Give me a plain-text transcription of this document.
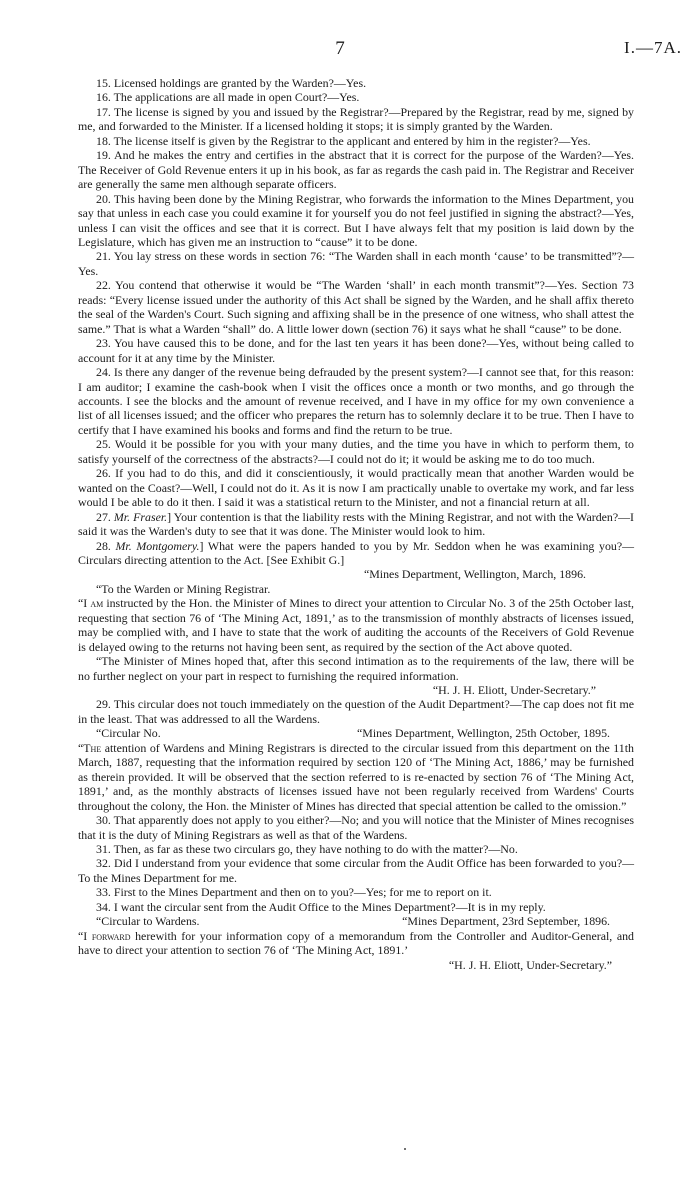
7	I.—7A.

15. Licensed holdings are granted by the Warden?—Yes.

16. The applications are all made in open Court?—Yes.

17. The license is signed by you and issued by the Registrar?—Prepared by the Registrar, read by me, signed by me, and forwarded to the Minister. If a licensed holding it stops; it is simply granted by the Warden.

18. The license itself is given by the Registrar to the applicant and entered by him in the register?—Yes.

19. And he makes the entry and certifies in the abstract that it is correct for the purpose of the Warden?—Yes. The Receiver of Gold Revenue enters it up in his book, as far as regards the cash paid in. The Registrar and Receiver are generally the same men although separate officers.

20. This having been done by the Mining Registrar, who forwards the information to the Mines Department, you say that unless in each case you could examine it for yourself you do not feel justified in signing the abstract?—Yes, unless I can visit the offices and see that it is correct. But I have always felt that my position is laid down by the Legislature, which has given me an instruction to “cause” it to be done.

21. You lay stress on these words in section 76: “The Warden shall in each month ‘cause’ to be transmitted”?—Yes.

22. You contend that otherwise it would be “The Warden ‘shall’ in each month transmit”?—Yes. Section 73 reads: “Every license issued under the authority of this Act shall be signed by the Warden, and he shall affix thereto the seal of the Warden's Court. Such signing and affixing shall be in the presence of one witness, who shall attest the same.” That is what a Warden “shall” do. A little lower down (section 76) it says what he shall “cause” to be done.

23. You have caused this to be done, and for the last ten years it has been done?—Yes, without being called to account for it at any time by the Minister.

24. Is there any danger of the revenue being defrauded by the present system?—I cannot see that, for this reason: I am auditor; I examine the cash-book when I visit the offices once a month or two months, and go through the accounts. I see the blocks and the amount of revenue received, and I have in my office for my own convenience a list of all licenses issued; and the officer who prepares the return has to solemnly declare it to be true. Then I have to certify that I have examined his books and forms and find the return to be true.

25. Would it be possible for you with your many duties, and the time you have in which to perform them, to satisfy yourself of the correctness of the abstracts?—I could not do it; it would be asking me to do too much.

26. If you had to do this, and did it conscientiously, it would practically mean that another Warden would be wanted on the Coast?—Well, I could not do it. As it is now I am practically unable to overtake my work, and far less would I be able to do it then. I said it was a statistical return to the Minister, and not a financial return at all.

27. Mr. Fraser.] Your contention is that the liability rests with the Mining Registrar, and not with the Warden?—I said it was the Warden's duty to see that it was done. The Minister would look to him.

28. Mr. Montgomery.] What were the papers handed to you by Mr. Seddon when he was examining you?—Circulars directing attention to the Act. [See Exhibit G.]

“Mines Department, Wellington, March, 1896.

“To the Warden or Mining Registrar.

“I am instructed by the Hon. the Minister of Mines to direct your attention to Circular No. 3 of the 25th October last, requesting that section 76 of ‘The Mining Act, 1891,’ as to the transmission of monthly abstracts of licenses issued, may be complied with, and I have to state that the work of auditing the accounts of the Receivers of Gold Revenue is delayed owing to the returns not having been sent, as required by the section of the Act above quoted.

“The Minister of Mines hoped that, after this second intimation as to the requirements of the law, there will be no further neglect on your part in respect to furnishing the required information.

“H. J. H. Eliott, Under-Secretary.”

29. This circular does not touch immediately on the question of the Audit Department?—The cap does not fit me in the least. That was addressed to all the Wardens.

“Circular No.	“Mines Department, Wellington, 25th October, 1895.

“The attention of Wardens and Mining Registrars is directed to the circular issued from this department on the 11th March, 1887, requesting that the information required by section 120 of ‘The Mining Act, 1886,’ may be furnished as therein provided. It will be observed that the section referred to is re-enacted by section 76 of ‘The Mining Act, 1891,’ and, as the monthly abstracts of licenses issued have not been regularly received from Wardens' Courts throughout the colony, the Hon. the Minister of Mines has directed that special attention be called to the omission.”

30. That apparently does not apply to you either?—No; and you will notice that the Minister of Mines recognises that it is the duty of Mining Registrars as well as that of the Wardens.

31. Then, as far as these two circulars go, they have nothing to do with the matter?—No.

32. Did I understand from your evidence that some circular from the Audit Office has been forwarded to you?—To the Mines Department for me.

33. First to the Mines Department and then on to you?—Yes; for me to report on it.

34. I want the circular sent from the Audit Office to the Mines Department?—It is in my reply.

“Circular to Wardens.	“Mines Department, 23rd September, 1896.

“I forward herewith for your information copy of a memorandum from the Controller and Auditor-General, and have to direct your attention to section 76 of ‘The Mining Act, 1891.’

“H. J. H. Eliott, Under-Secretary.”
